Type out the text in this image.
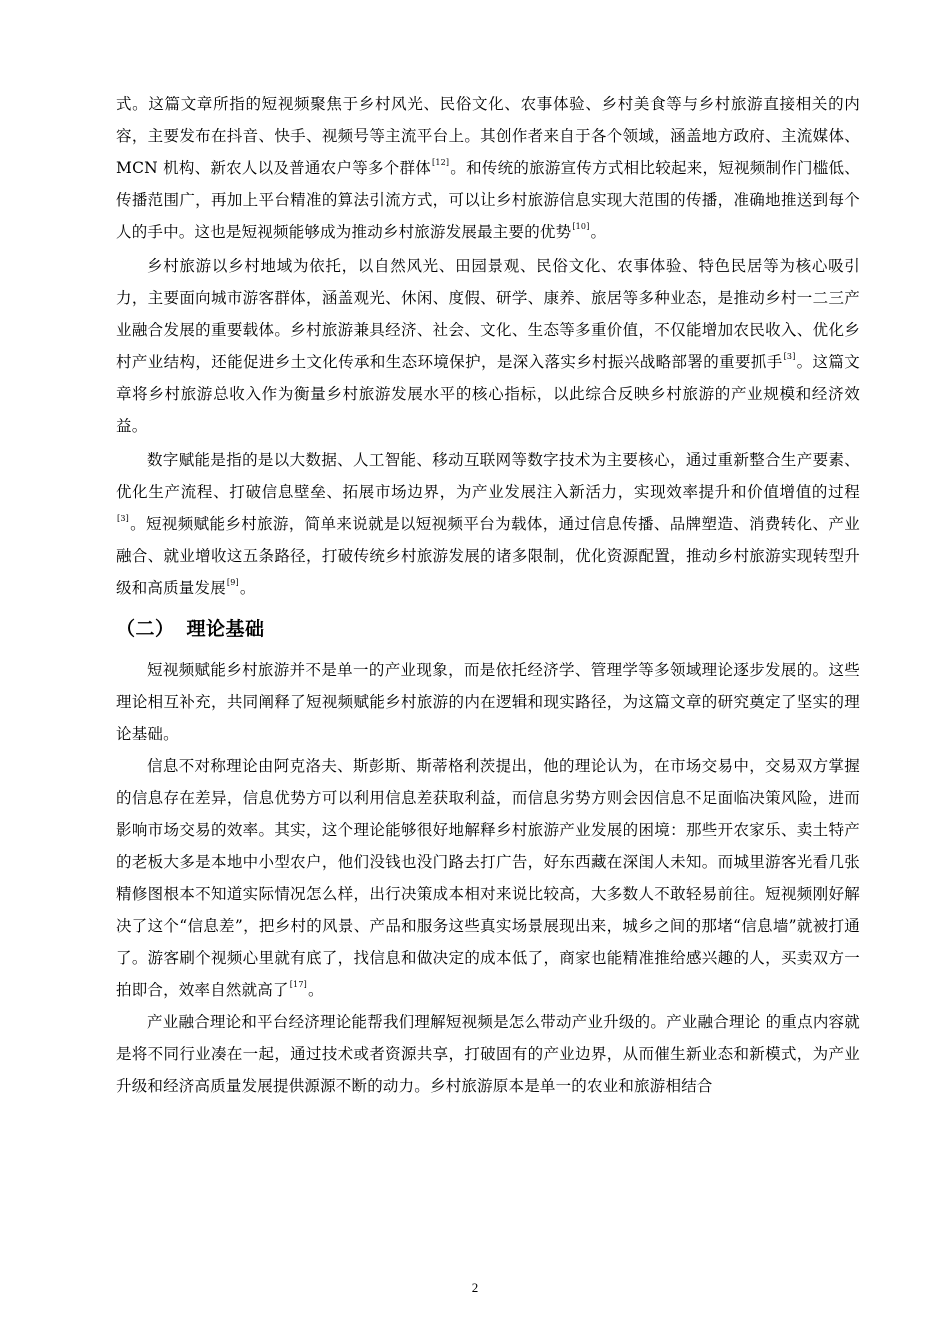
式。这篇文章所指的短视频聚焦于乡村风光、民俗文化、农事体验、乡村美食等与乡村旅游直接相关的内容，主要发布在抖音、快手、视频号等主流平台上。其创作者来自于各个领域，涵盖地方政府、主流媒体、MCN 机构、新农人以及普通农户等多个群体[12]。和传统的旅游宣传方式相比较起来，短视频制作门槛低、传播范围广，再加上平台精准的算法引流方式，可以让乡村旅游信息实现大范围的传播，准确地推送到每个人的手中。这也是短视频能够成为推动乡村旅游发展最主要的优势[10]。

乡村旅游以乡村地域为依托，以自然风光、田园景观、民俗文化、农事体验、特色民居等为核心吸引力，主要面向城市游客群体，涵盖观光、休闲、度假、研学、康养、旅居等多种业态，是推动乡村一二三产业融合发展的重要载体。乡村旅游兼具经济、社会、文化、生态等多重价值，不仅能增加农民收入、优化乡村产业结构，还能促进乡土文化传承和生态环境保护，是深入落实乡村振兴战略部署的重要抓手[3]。这篇文章将乡村旅游总收入作为衡量乡村旅游发展水平的核心指标，以此综合反映乡村旅游的产业规模和经济效益。

数字赋能是指的是以大数据、人工智能、移动互联网等数字技术为主要核心，通过重新整合生产要素、优化生产流程、打破信息壁垒、拓展市场边界，为产业发展注入新活力，实现效率提升和价值增值的过程[3]。短视频赋能乡村旅游，简单来说就是以短视频平台为载体，通过信息传播、品牌塑造、消费转化、产业融合、就业增收这五条路径，打破传统乡村旅游发展的诸多限制，优化资源配置，推动乡村旅游实现转型升级和高质量发展[9]。

（二） 理论基础

短视频赋能乡村旅游并不是单一的产业现象，而是依托经济学、管理学等多领域理论逐步发展的。这些理论相互补充，共同阐释了短视频赋能乡村旅游的内在逻辑和现实路径，为这篇文章的研究奠定了坚实的理论基础。

信息不对称理论由阿克洛夫、斯彭斯、斯蒂格利茨提出，他的理论认为，在市场交易中，交易双方掌握的信息存在差异，信息优势方可以利用信息差获取利益，而信息劣势方则会因信息不足面临决策风险，进而影响市场交易的效率。其实，这个理论能够很好地解释乡村旅游产业发展的困境：那些开农家乐、卖土特产的老板大多是本地中小型农户，他们没钱也没门路去打广告，好东西藏在深闺人未知。而城里游客光看几张精修图根本不知道实际情况怎么样，出行决策成本相对来说比较高，大多数人不敢轻易前往。短视频刚好解决了这个“信息差”，把乡村的风景、产品和服务这些真实场景展现出来，城乡之间的那堵“信息墙”就被打通了。游客刷个视频心里就有底了，找信息和做决定的成本低了，商家也能精准推给感兴趣的人，买卖双方一拍即合，效率自然就高了[17]。

产业融合理论和平台经济理论能帮我们理解短视频是怎么带动产业升级的。产业融合理论 的重点内容就是将不同行业凑在一起，通过技术或者资源共享，打破固有的产业边界，从而催生新业态和新模式，为产业升级和经济高质量发展提供源源不断的动力。乡村旅游原本是单一的农业和旅游相结合

2
